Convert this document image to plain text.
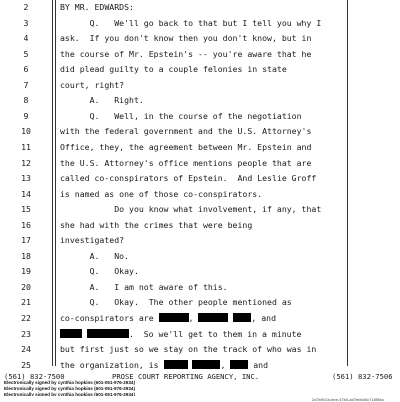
2	BY MR. EDWARDS:
3	Q.   We'll go back to that but I tell you why I
4	ask.  If you don't know then you don't know, but in
5	the course of Mr. Epstein's -- you're aware that he
6	did plead guilty to a couple felonies in state
7	court, right?
8	A.   Right.
9	Q.   Well, in the course of the negotiation
10	with the federal government and the U.S. Attorney's
11	Office, they, the agreement between Mr. Epstein and
12	the U.S. Attorney's office mentions people that are
13	called co-conspirators of Epstein.  And Leslie Groff
14	is named as one of those co-conspirators.
15	Do you know what involvement, if any, that
16	she had with the crimes that were being
17	investigated?
18	A.   No.
19	Q.   Okay.
20	A.   I am not aware of this.
21	Q.   Okay.  The other people mentioned as
22	co-conspirators are	,	, and
23	.  So we'll get to them in a minute
24	but first just so we stay on the track of who was in
25	the organization, is	,  and
(561) 832-7500	PROSE COURT REPORTING AGENCY, INC.	(561) 832-7506
Electronically signed by cynthia hopkins (601-051-976-2934)
Electronically signed by cynthia hopkins (601-051-976-2934)
Electronically signed by cynthia hopkins (601-051-976-2934)
2d7b901b-bee-47b0-ad7ebb40c7185fda
